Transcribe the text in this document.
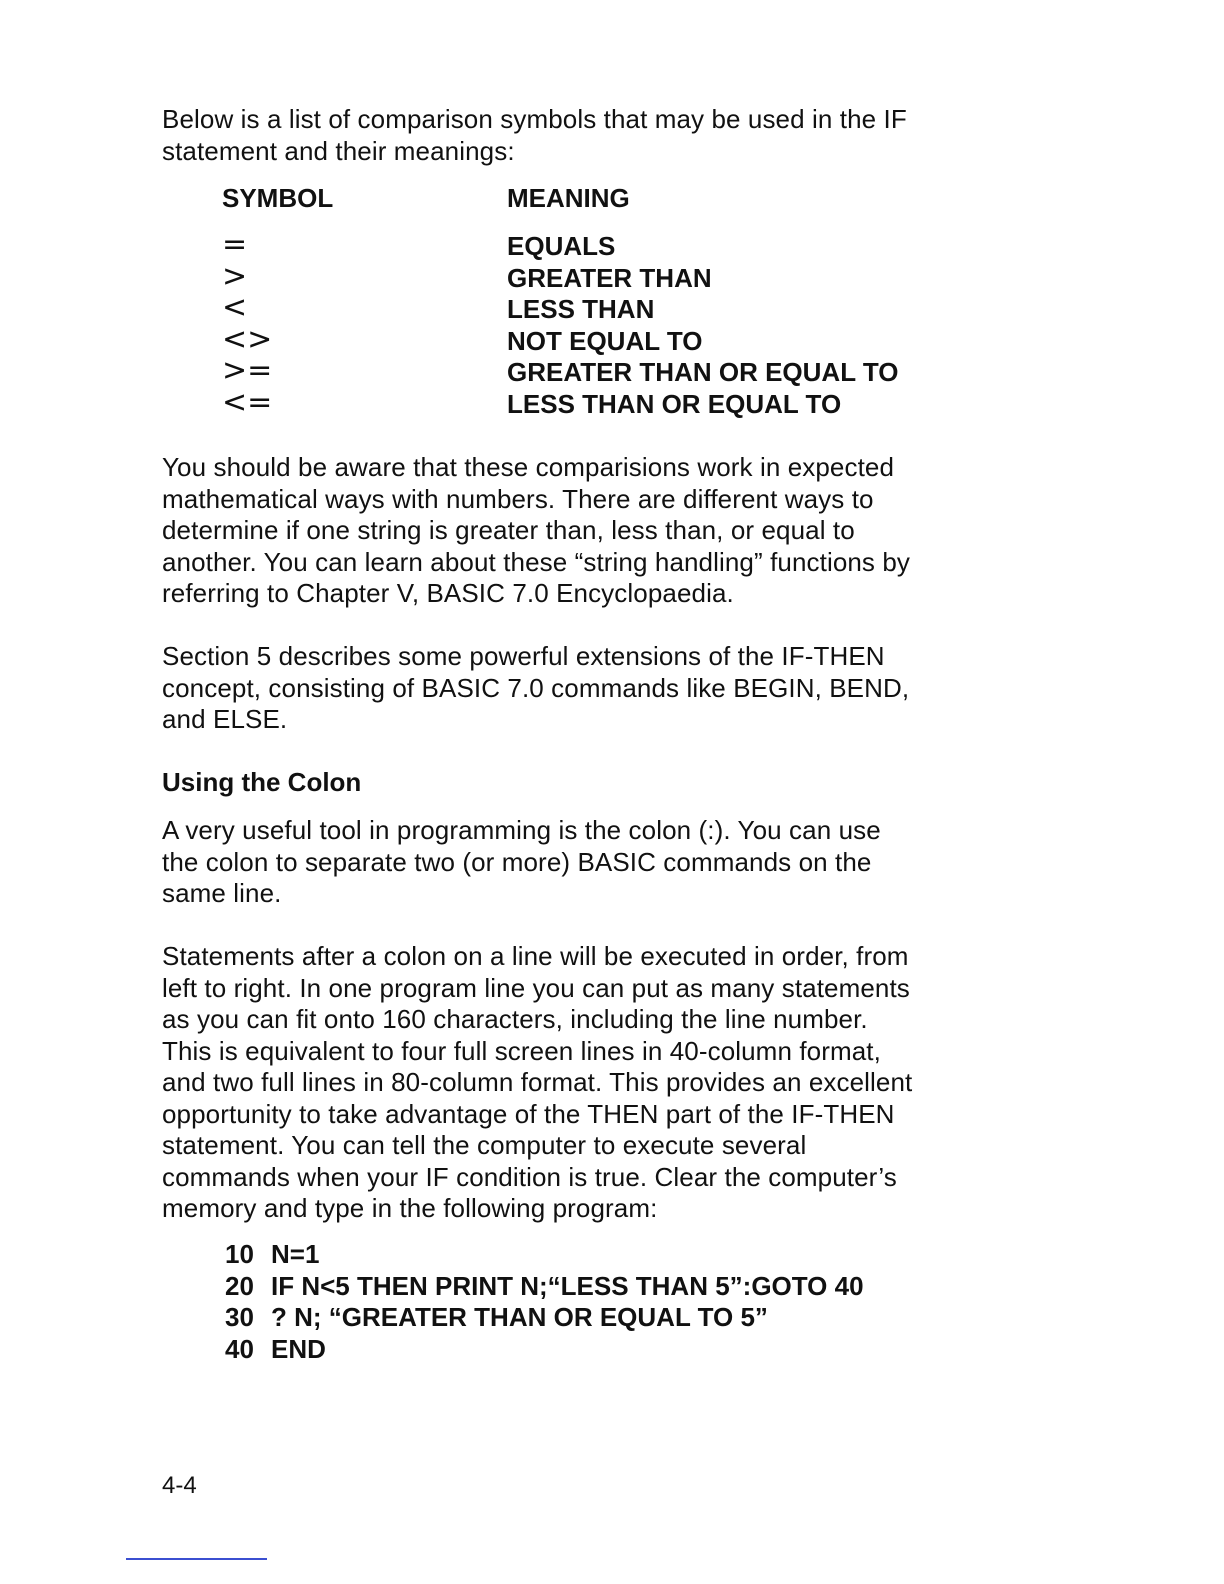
Below is a list of comparison symbols that may be used in the IF
statement and their meanings:
SYMBOL	MEANING
=
>
<
<>
>=
<=
EQUALS
GREATER THAN
LESS THAN
NOT EQUAL TO
GREATER THAN OR EQUAL TO
LESS THAN OR EQUAL TO
You should be aware that these comparisions work in expected
mathematical ways with numbers. There are different ways to
determine if one string is greater than, less than, or equal to
another. You can learn about these “string handling” functions by
referring to Chapter V, BASIC 7.0 Encyclopaedia.
Section 5 describes some powerful extensions of the IF-THEN
concept, consisting of BASIC 7.0 commands like BEGIN, BEND,
and ELSE.
Using the Colon
A very useful tool in programming is the colon (:). You can use
the colon to separate two (or more) BASIC commands on the
same line.
Statements after a colon on a line will be executed in order, from
left to right. In one program line you can put as many statements
as you can fit onto 160 characters, including the line number.
This is equivalent to four full screen lines in 40-column format,
and two full lines in 80-column format. This provides an excellent
opportunity to take advantage of the THEN part of the IF-THEN
statement. You can tell the computer to execute several
commands when your IF condition is true. Clear the computer’s
memory and type in the following program:
10 N=1
20 IF N<5 THEN PRINT N;“LESS THAN 5”:GOTO 40
30 ? N; “GREATER THAN OR EQUAL TO 5”
40 END
4-4
